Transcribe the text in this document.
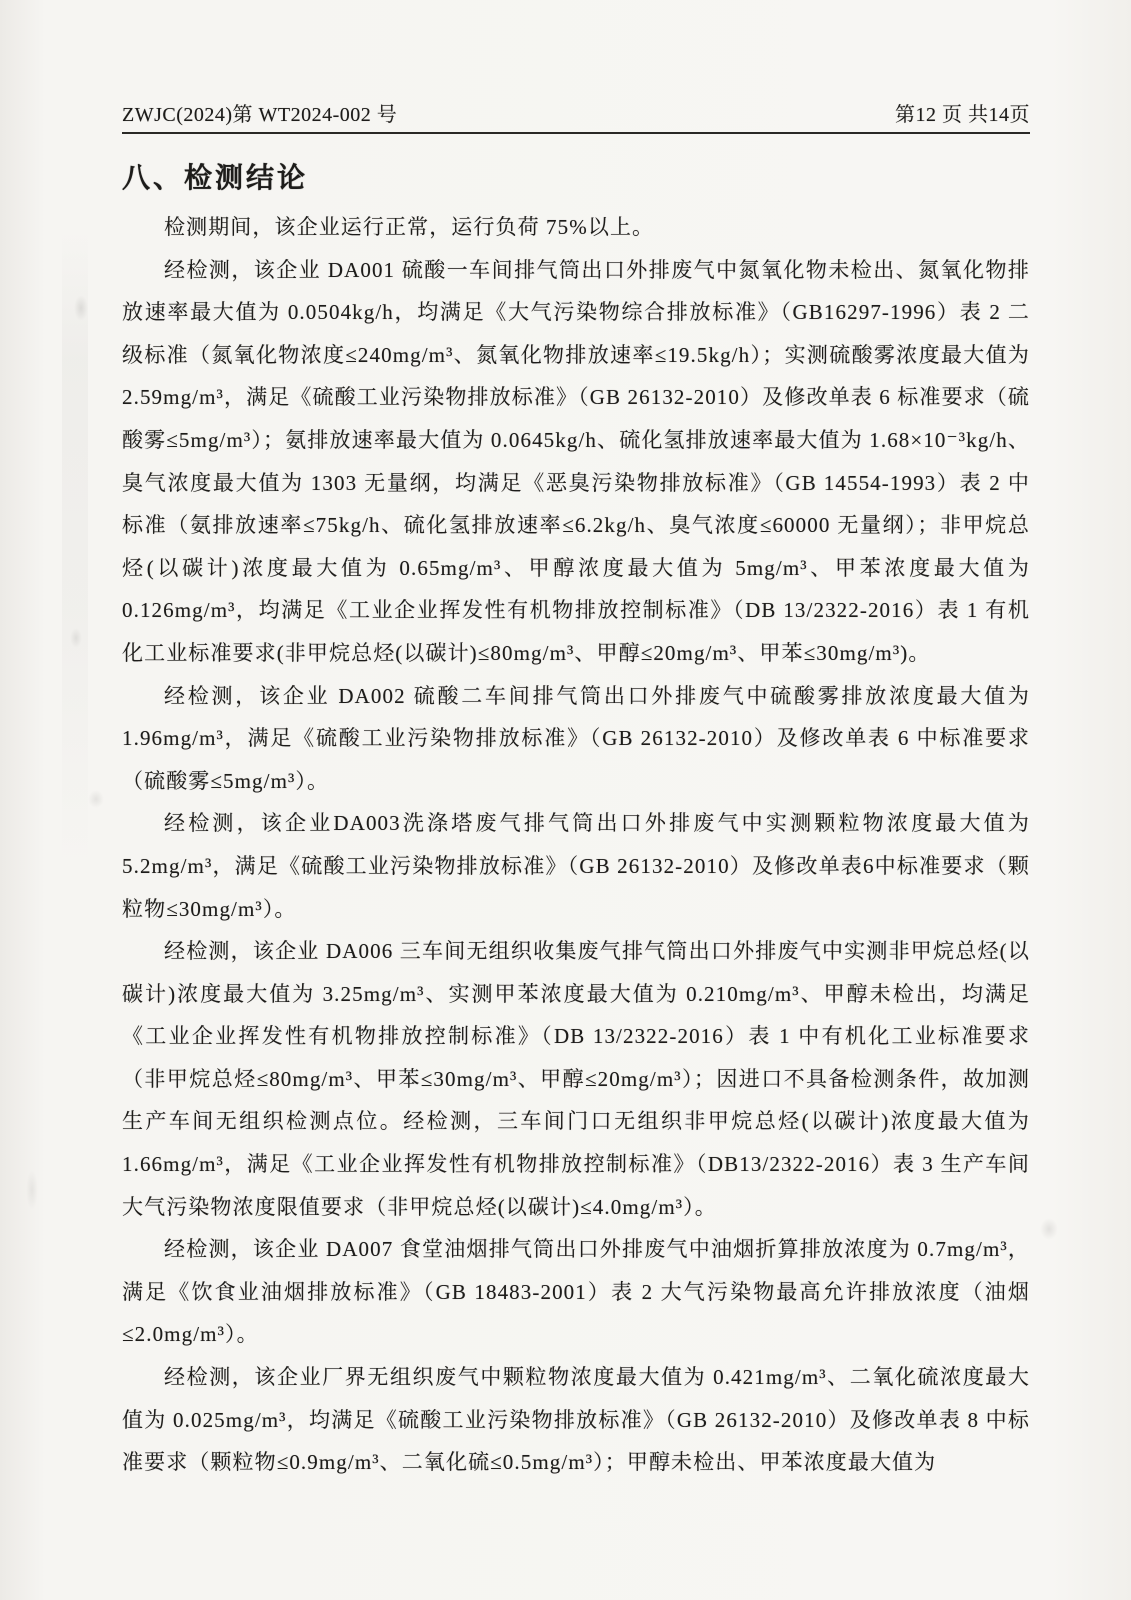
ZWJC(2024)第 WT2024-002 号	第12 页 共14页
八、检测结论

检测期间，该企业运行正常，运行负荷 75%以上。

经检测，该企业 DA001 硫酸一车间排气筒出口外排废气中氮氧化物未检出、氮氧化物排放速率最大值为 0.0504kg/h，均满足《大气污染物综合排放标准》（GB16297-1996）表 2 二级标准（氮氧化物浓度≤240mg/m³、氮氧化物排放速率≤19.5kg/h）；实测硫酸雾浓度最大值为 2.59mg/m³，满足《硫酸工业污染物排放标准》（GB 26132-2010）及修改单表 6 标准要求（硫酸雾≤5mg/m³）；氨排放速率最大值为 0.0645kg/h、硫化氢排放速率最大值为 1.68×10⁻³kg/h、臭气浓度最大值为 1303 无量纲，均满足《恶臭污染物排放标准》（GB 14554-1993）表 2 中标准（氨排放速率≤75kg/h、硫化氢排放速率≤6.2kg/h、臭气浓度≤60000 无量纲）；非甲烷总烃(以碳计)浓度最大值为 0.65mg/m³、甲醇浓度最大值为 5mg/m³、甲苯浓度最大值为 0.126mg/m³，均满足《工业企业挥发性有机物排放控制标准》（DB 13/2322-2016）表 1 有机化工业标准要求(非甲烷总烃(以碳计)≤80mg/m³、甲醇≤20mg/m³、甲苯≤30mg/m³)。

经检测，该企业 DA002 硫酸二车间排气筒出口外排废气中硫酸雾排放浓度最大值为 1.96mg/m³，满足《硫酸工业污染物排放标准》（GB 26132-2010）及修改单表 6 中标准要求（硫酸雾≤5mg/m³）。

经检测，该企业DA003洗涤塔废气排气筒出口外排废气中实测颗粒物浓度最大值为 5.2mg/m³，满足《硫酸工业污染物排放标准》（GB 26132-2010）及修改单表6中标准要求（颗粒物≤30mg/m³）。

经检测，该企业 DA006 三车间无组织收集废气排气筒出口外排废气中实测非甲烷总烃(以碳计)浓度最大值为 3.25mg/m³、实测甲苯浓度最大值为 0.210mg/m³、甲醇未检出，均满足《工业企业挥发性有机物排放控制标准》（DB 13/2322-2016）表 1 中有机化工业标准要求（非甲烷总烃≤80mg/m³、甲苯≤30mg/m³、甲醇≤20mg/m³）；因进口不具备检测条件，故加测生产车间无组织检测点位。经检测，三车间门口无组织非甲烷总烃(以碳计)浓度最大值为 1.66mg/m³，满足《工业企业挥发性有机物排放控制标准》（DB13/2322-2016）表 3 生产车间大气污染物浓度限值要求（非甲烷总烃(以碳计)≤4.0mg/m³）。

经检测，该企业 DA007 食堂油烟排气筒出口外排废气中油烟折算排放浓度为 0.7mg/m³，满足《饮食业油烟排放标准》（GB 18483-2001）表 2 大气污染物最高允许排放浓度（油烟≤2.0mg/m³）。

经检测，该企业厂界无组织废气中颗粒物浓度最大值为 0.421mg/m³、二氧化硫浓度最大值为 0.025mg/m³，均满足《硫酸工业污染物排放标准》（GB 26132-2010）及修改单表 8 中标准要求（颗粒物≤0.9mg/m³、二氧化硫≤0.5mg/m³）；甲醇未检出、甲苯浓度最大值为
